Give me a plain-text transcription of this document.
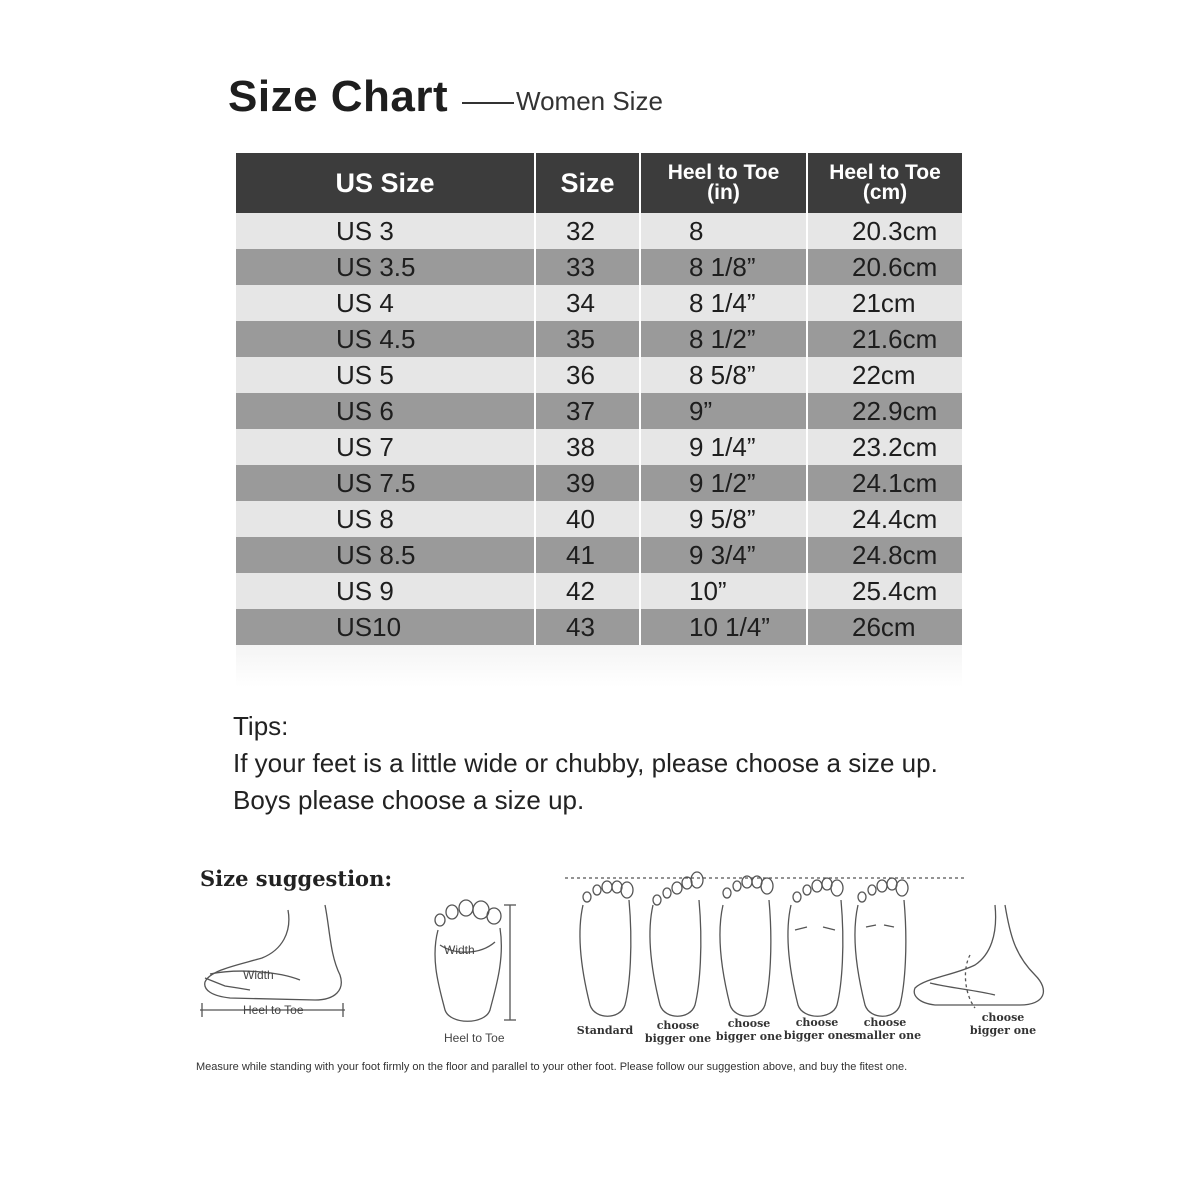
Size Chart	Women Size
US Size	Size	Heel to Toe
(in)
Heel to Toe
(cm)
US 3	32	8	20.3cm
US 3.5	33	8 1/8”	20.6cm
US 4	34	8 1/4”	21cm
US 4.5	35	8 1/2”	21.6cm
US 5	36	8 5/8”	22cm
US 6	37	9”	22.9cm
US 7	38	9 1/4”	23.2cm
US 7.5	39	9 1/2”	24.1cm
US 8	40	9 5/8”	24.4cm
US 8.5	41	9 3/4”	24.8cm
US 9	42	10”	25.4cm
US10	43	10 1/4”	26cm
Tips:
If your feet is a little wide or chubby, please choose a size up.
Boys please choose a size up.
Size suggestion:
Width
Heel to Toe
Width
Heel to Toe
Standard	choose
bigger one
choose
bigger one
choose
bigger one
choose
smaller one
choose
bigger one
Measure while standing with your foot firmly on the floor and parallel to your other foot. Please follow our suggestion above, and buy the fitest one.
